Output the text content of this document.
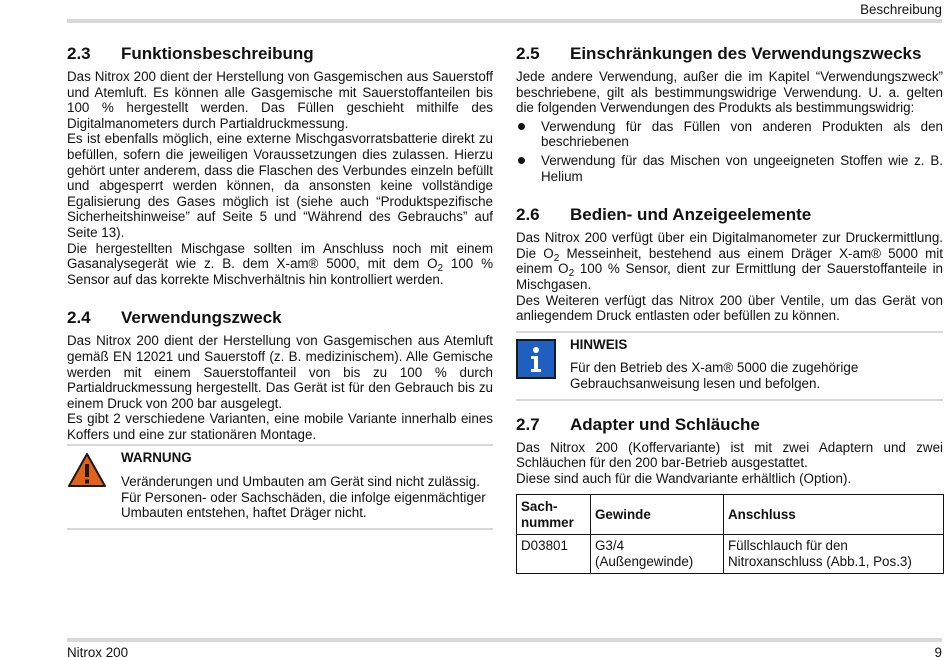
Beschreibung
2.3	Funktionsbeschreibung

Das Nitrox 200 dient der Herstellung von Gasgemischen aus Sauerstoff und Atemluft. Es können alle Gasgemische mit Sauerstoffanteilen bis 100 % hergestellt werden. Das Füllen geschieht mithilfe des Digitalmanometers durch Partialdruckmessung.

Es ist ebenfalls möglich, eine externe Mischgasvorratsbatterie direkt zu befüllen, sofern die jeweiligen Voraussetzungen dies zulassen. Hierzu gehört unter anderem, dass die Flaschen des Verbundes einzeln befüllt und abgesperrt werden können, da ansonsten keine vollständige Egalisierung des Gases möglich ist (siehe auch “Produktspezifische Sicherheitshinweise” auf Seite 5 und “Während des Gebrauchs” auf Seite 13).

Die hergestellten Mischgase sollten im Anschluss noch mit einem Gasanalysegerät wie z. B. dem X-am® 5000, mit dem $O_2$ 100 % Sensor auf das korrekte Mischverhältnis hin kontrolliert werden.

2.4	Verwendungszweck

Das Nitrox 200 dient der Herstellung von Gasgemischen aus Atemluft gemäß EN 12021 und Sauerstoff (z. B. medizinischem). Alle Gemische werden mit einem Sauerstoffanteil von bis zu 100 % durch Partialdruckmessung hergestellt. Das Gerät ist für den Gebrauch bis zu einem Druck von 200 bar ausgelegt.

Es gibt 2 verschiedene Varianten, eine mobile Variante innerhalb eines Koffers und eine zur stationären Montage.

WARNUNG

Veränderungen und Umbauten am Gerät sind nicht zulässig. Für Personen- oder Sachschäden, die infolge eigenmächtiger Umbauten entstehen, haftet Dräger nicht.

2.5	Einschränkungen des Verwendungszwecks

Jede andere Verwendung, außer die im Kapitel “Verwendungszweck” beschriebene, gilt als bestimmungswidrige Verwendung. U. a. gelten die folgenden Verwendungen des Produkts als bestimmungswidrig:

Verwendung für das Füllen von anderen Produkten als den beschriebenen
Verwendung für das Mischen von ungeeigneten Stoffen wie z. B. Helium
2.6	Bedien- und Anzeigeelemente

Das Nitrox 200 verfügt über ein Digitalmanometer zur Druckermittlung. Die $O_2$ Messeinheit, bestehend aus einem Dräger X-am® 5000 mit einem $O_2$ 100 % Sensor, dient zur Ermittlung der Sauerstoffanteile in Mischgasen.

Des Weiteren verfügt das Nitrox 200 über Ventile, um das Gerät von anliegendem Druck entlasten oder befüllen zu können.

HINWEIS

Für den Betrieb des X-am® 5000 die zugehörige Gebrauchsanweisung lesen und befolgen.

2.7	Adapter und Schläuche

Das Nitrox 200 (Koffervariante) ist mit zwei Adaptern und zwei Schläuchen für den 200 bar-Betrieb ausgestattet.

Diese sind auch für die Wandvariante erhältlich (Option).

Sachnummer	Gewinde	Anschluss
D03801	G3/4 (Außengewinde)	Füllschlauch für den Nitroxanschluss (Abb.1, Pos.3)
Nitrox 200	9
